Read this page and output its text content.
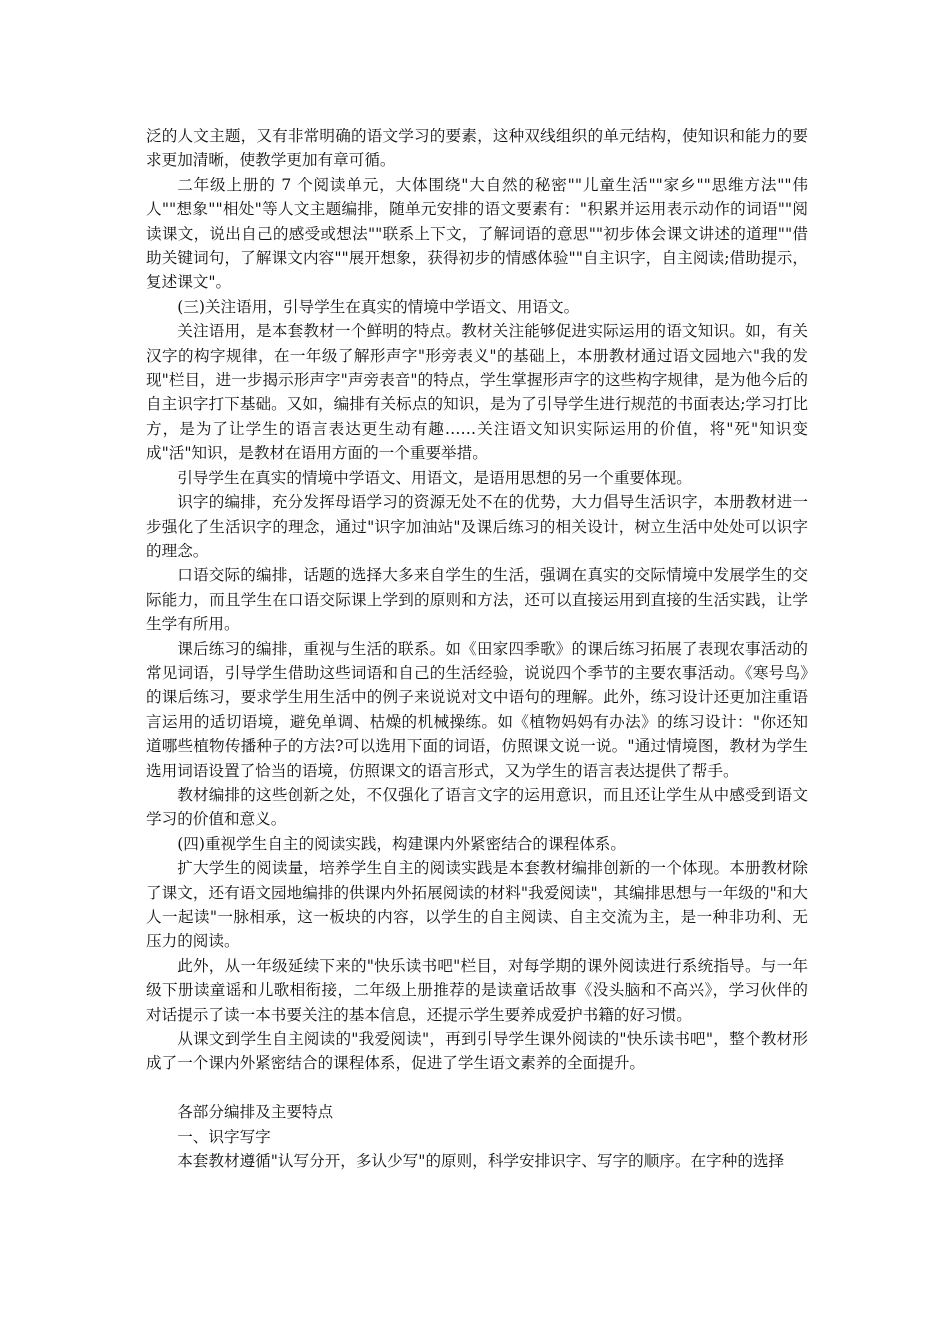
泛的人文主题，又有非常明确的语文学习的要素，这种双线组织的单元结构，使知识和能力的要求更加清晰，使教学更加有章可循。

二年级上册的 7 个阅读单元，大体围绕"大自然的秘密""儿童生活""家乡""思维方法""伟人""想象""相处"等人文主题编排，随单元安排的语文要素有："积累并运用表示动作的词语""阅读课文，说出自己的感受或想法""联系上下文，了解词语的意思""初步体会课文讲述的道理""借助关键词句，了解课文内容""展开想象，获得初步的情感体验""自主识字，自主阅读;借助提示，复述课文"。

(三)关注语用，引导学生在真实的情境中学语文、用语文。

关注语用，是本套教材一个鲜明的特点。教材关注能够促进实际运用的语文知识。如，有关汉字的构字规律，在一年级了解形声字"形旁表义"的基础上，本册教材通过语文园地六"我的发现"栏目，进一步揭示形声字"声旁表音"的特点，学生掌握形声字的这些构字规律，是为他今后的自主识字打下基础。又如，编排有关标点的知识，是为了引导学生进行规范的书面表达;学习打比方，是为了让学生的语言表达更生动有趣……关注语文知识实际运用的价值，将"死"知识变成"活"知识，是教材在语用方面的一个重要举措。

引导学生在真实的情境中学语文、用语文，是语用思想的另一个重要体现。

识字的编排，充分发挥母语学习的资源无处不在的优势，大力倡导生活识字，本册教材进一步强化了生活识字的理念，通过"识字加油站"及课后练习的相关设计，树立生活中处处可以识字的理念。

口语交际的编排，话题的选择大多来自学生的生活，强调在真实的交际情境中发展学生的交际能力，而且学生在口语交际课上学到的原则和方法，还可以直接运用到直接的生活实践，让学生学有所用。

课后练习的编排，重视与生活的联系。如《田家四季歌》的课后练习拓展了表现农事活动的常见词语，引导学生借助这些词语和自己的生活经验，说说四个季节的主要农事活动。《寒号鸟》的课后练习，要求学生用生活中的例子来说说对文中语句的理解。此外，练习设计还更加注重语言运用的适切语境，避免单调、枯燥的机械操练。如《植物妈妈有办法》的练习设计："你还知道哪些植物传播种子的方法?可以选用下面的词语，仿照课文说一说。"通过情境图，教材为学生选用词语设置了恰当的语境，仿照课文的语言形式，又为学生的语言表达提供了帮手。

教材编排的这些创新之处，不仅强化了语言文字的运用意识，而且还让学生从中感受到语文学习的价值和意义。

(四)重视学生自主的阅读实践，构建课内外紧密结合的课程体系。

扩大学生的阅读量，培养学生自主的阅读实践是本套教材编排创新的一个体现。本册教材除了课文，还有语文园地编排的供课内外拓展阅读的材料"我爱阅读"，其编排思想与一年级的"和大人一起读"一脉相承，这一板块的内容，以学生的自主阅读、自主交流为主，是一种非功利、无压力的阅读。

此外，从一年级延续下来的"快乐读书吧"栏目，对每学期的课外阅读进行系统指导。与一年级下册读童谣和儿歌相衔接，二年级上册推荐的是读童话故事《没头脑和不高兴》，学习伙伴的对话提示了读一本书要关注的基本信息，还提示学生要养成爱护书籍的好习惯。

从课文到学生自主阅读的"我爱阅读"，再到引导学生课外阅读的"快乐读书吧"，整个教材形成了一个课内外紧密结合的课程体系，促进了学生语文素养的全面提升。

各部分编排及主要特点

一、识字写字

本套教材遵循"认写分开，多认少写"的原则，科学安排识字、写字的顺序。在字种的选择
